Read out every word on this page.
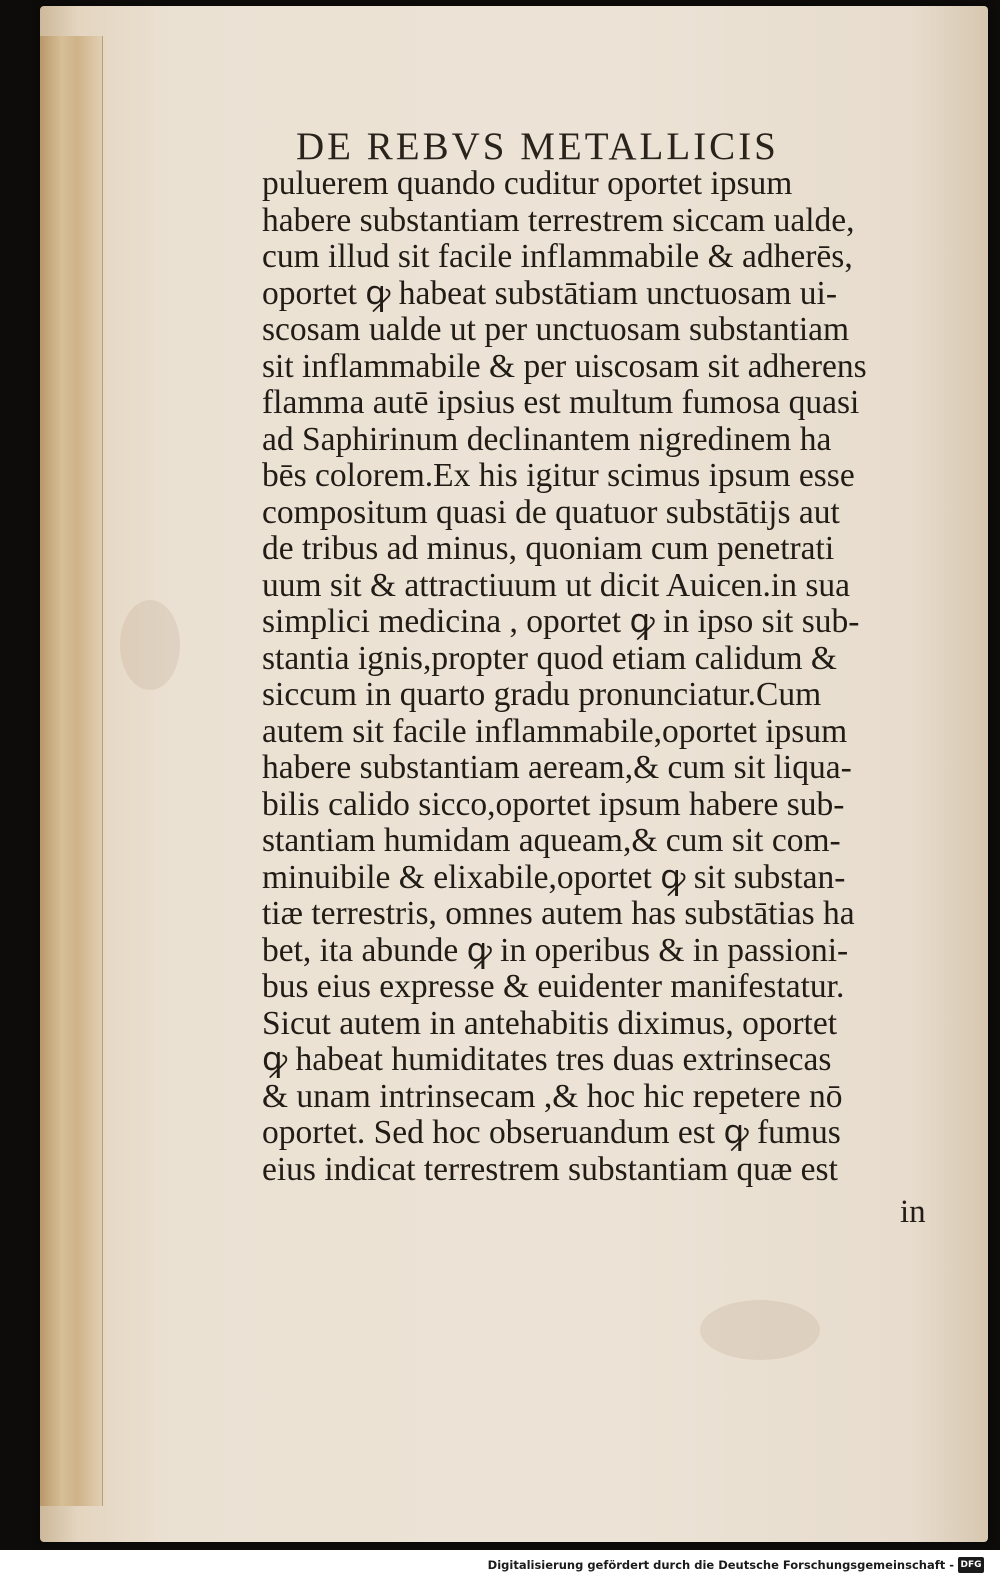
DE REBVS METALLICIS
puluerem quando cuditur oportet ipsum
habere substantiam terrestrem siccam ualde,
cum illud sit facile inflammabile & adherēs,
oportet ꝙ habeat substātiam unctuosam ui-
scosam ualde ut per unctuosam substantiam
sit inflammabile & per uiscosam sit adherens
flamma autē ipsius est multum fumosa quasi
ad Saphirinum declinantem nigredinem ha
bēs colorem.Ex his igitur scimus ipsum esse
compositum quasi de quatuor substātijs aut
de tribus ad minus, quoniam cum penetrati
uum sit & attractiuum ut dicit Auicen.in sua
simplici medicina , oportet ꝙ in ipso sit sub-
stantia ignis,propter quod etiam calidum &
siccum in quarto gradu pronunciatur.Cum
autem sit facile inflammabile,oportet ipsum
habere substantiam aeream,& cum sit liqua-
bilis calido sicco,oportet ipsum habere sub-
stantiam humidam aqueam,& cum sit com-
minuibile & elixabile,oportet ꝙ sit substan-
tiæ terrestris, omnes autem has substātias ha
bet, ita abunde ꝙ in operibus & in passioni-
bus eius expresse & euidenter manifestatur.
Sicut autem in antehabitis diximus, oportet
ꝙ habeat humiditates tres duas extrinsecas
& unam intrinsecam ,& hoc hic repetere nō
oportet. Sed hoc obseruandum est ꝙ fumus
eius indicat terrestrem substantiam quæ est
in
Digitalisierung gefördert durch die Deutsche Forschungsgemeinschaft - DFG
